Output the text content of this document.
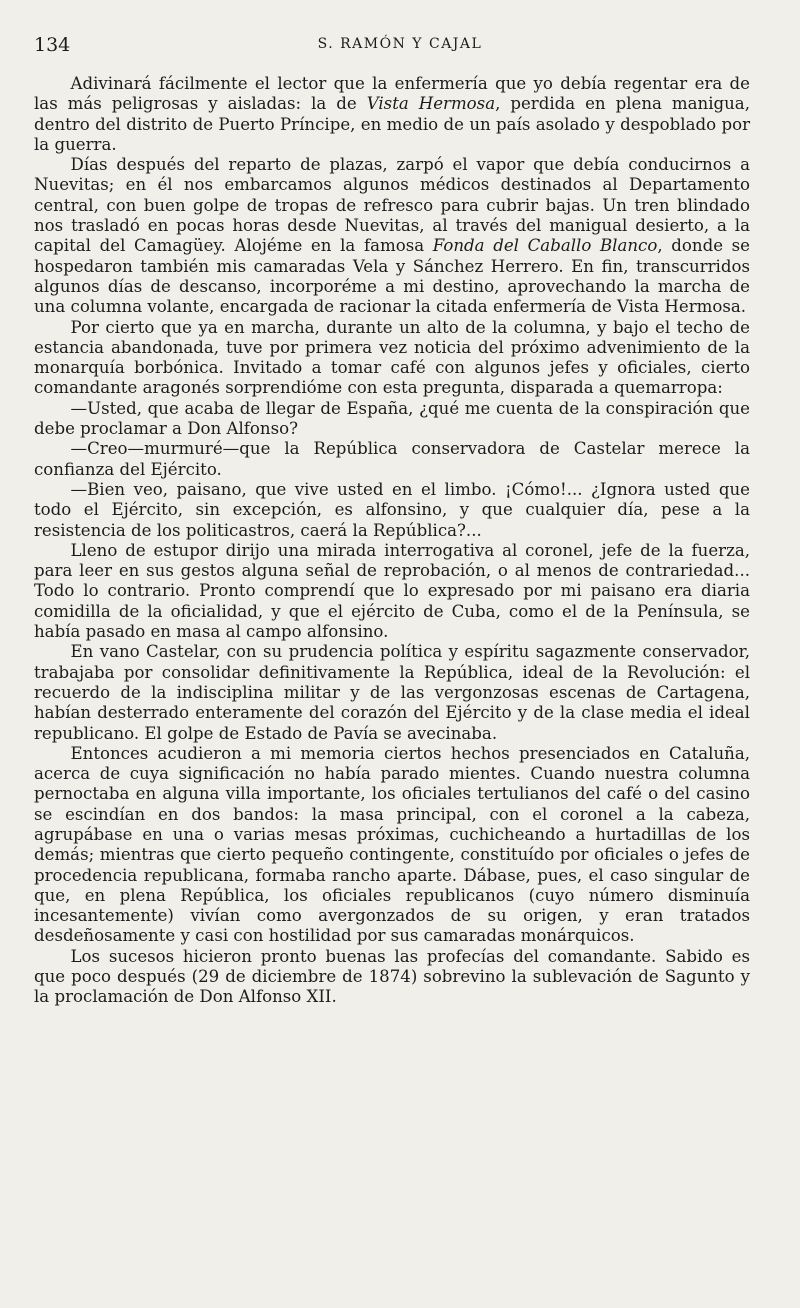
134	S. RAMÓN Y CAJAL

Adivinará fácilmente el lector que la enfermería que yo debía regentar era de las más peligrosas y aisladas: la de Vista Hermosa, perdida en plena manigua, dentro del distrito de Puerto Príncipe, en medio de un país asolado y despoblado por la guerra.

Días después del reparto de plazas, zarpó el vapor que debía conducirnos a Nuevitas; en él nos embarcamos algunos médicos destinados al Departamento central, con buen golpe de tropas de refresco para cubrir bajas. Un tren blindado nos trasladó en pocas horas desde Nuevitas, al través del manigual desierto, a la capital del Camagüey. Alojéme en la famosa Fonda del Caballo Blanco, donde se hospedaron también mis camaradas Vela y Sánchez Herrero. En fin, transcurridos algunos días de descanso, incorporéme a mi destino, aprovechando la marcha de una columna volante, encargada de racionar la citada enfermería de Vista Hermosa.

Por cierto que ya en marcha, durante un alto de la columna, y bajo el techo de estancia abandonada, tuve por primera vez noticia del próximo advenimiento de la monarquía borbónica. Invitado a tomar café con algunos jefes y oficiales, cierto comandante aragonés sorprendióme con esta pregunta, disparada a quemarropa:

—Usted, que acaba de llegar de España, ¿qué me cuenta de la conspiración que debe proclamar a Don Alfonso?

—Creo—murmuré—que la República conservadora de Castelar merece la confianza del Ejército.

—Bien veo, paisano, que vive usted en el limbo. ¡Cómo!... ¿Ignora usted que todo el Ejército, sin excepción, es alfonsino, y que cualquier día, pese a la resistencia de los politicastros, caerá la República?...

Lleno de estupor dirijo una mirada interrogativa al coronel, jefe de la fuerza, para leer en sus gestos alguna señal de reprobación, o al menos de contrariedad... Todo lo contrario. Pronto comprendí que lo expresado por mi paisano era diaria comidilla de la oficialidad, y que el ejército de Cuba, como el de la Península, se había pasado en masa al campo alfonsino.

En vano Castelar, con su prudencia política y espíritu sagazmente conservador, trabajaba por consolidar definitivamente la República, ideal de la Revolución: el recuerdo de la indisciplina militar y de las vergonzosas escenas de Cartagena, habían desterrado enteramente del corazón del Ejército y de la clase media el ideal republicano. El golpe de Estado de Pavía se avecinaba.

Entonces acudieron a mi memoria ciertos hechos presenciados en Cataluña, acerca de cuya significación no había parado mientes. Cuando nuestra columna pernoctaba en alguna villa importante, los oficiales tertulianos del café o del casino se escindían en dos bandos: la masa principal, con el coronel a la cabeza, agrupábase en una o varias mesas próximas, cuchicheando a hurtadillas de los demás; mientras que cierto pequeño contingente, constituído por oficiales o jefes de procedencia republicana, formaba rancho aparte. Dábase, pues, el caso singular de que, en plena República, los oficiales republicanos (cuyo número disminuía incesantemente) vivían como avergonzados de su origen, y eran tratados desdeñosamente y casi con hostilidad por sus camaradas monárquicos.

Los sucesos hicieron pronto buenas las profecías del comandante. Sabido es que poco después (29 de diciembre de 1874) sobrevino la sublevación de Sagunto y la proclamación de Don Alfonso XII.
